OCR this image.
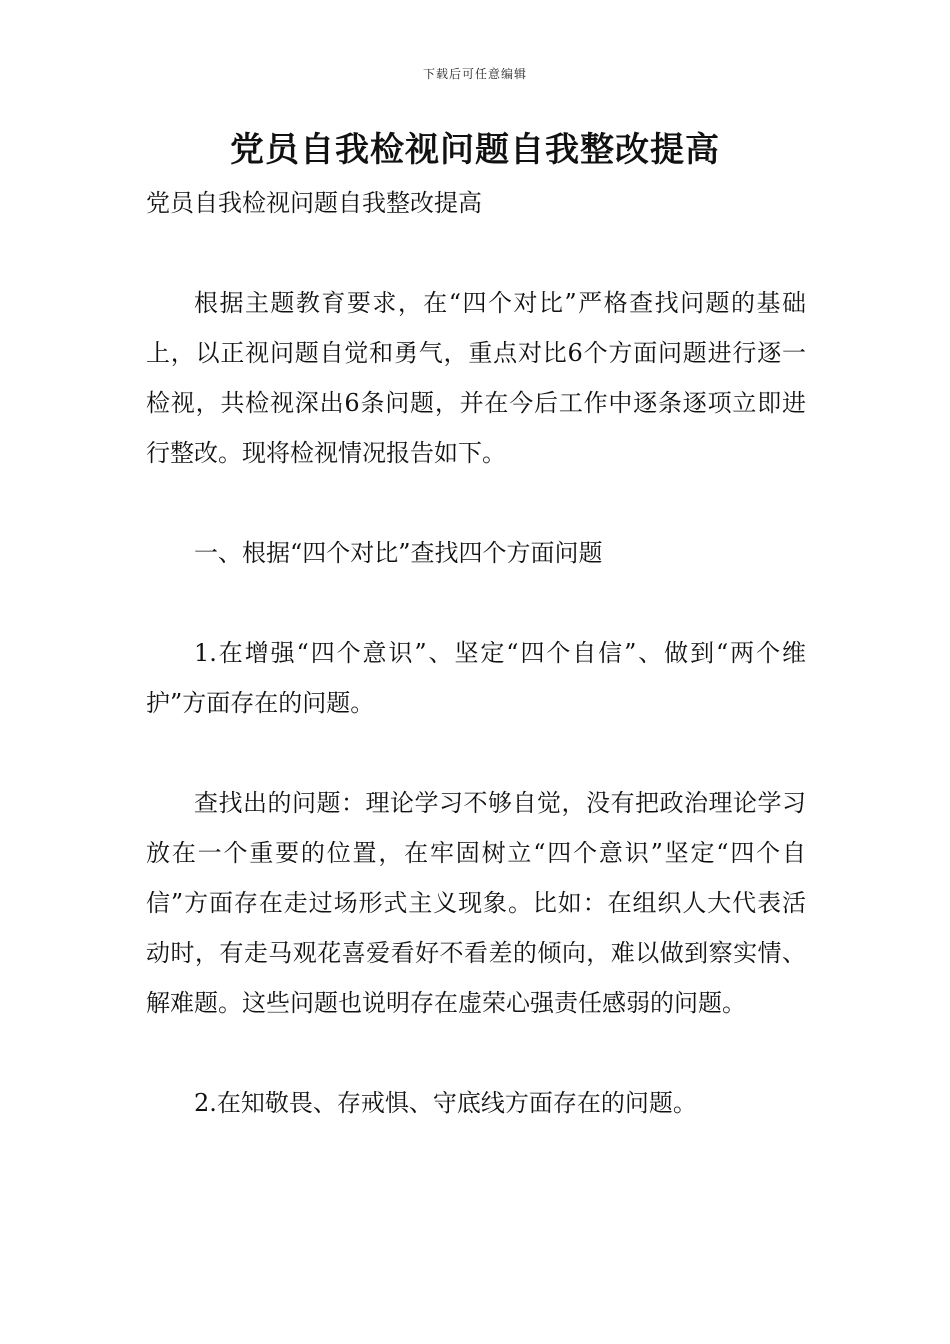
下载后可任意编辑
党员自我检视问题自我整改提高

党员自我检视问题自我整改提高

根据主题教育要求，在“四个对比”严格查找问题的基础上，以正视问题自觉和勇气，重点对比6个方面问题进行逐一检视，共检视深出6条问题，并在今后工作中逐条逐项立即进行整改。现将检视情况报告如下。

一、根据“四个对比”查找四个方面问题

1.在增强“四个意识”、坚定“四个自信”、做到“两个维护”方面存在的问题。

查找出的问题：理论学习不够自觉，没有把政治理论学习放在一个重要的位置，在牢固树立“四个意识”坚定“四个自信”方面存在走过场形式主义现象。比如：在组织人大代表活动时，有走马观花喜爱看好不看差的倾向，难以做到察实情、解难题。这些问题也说明存在虚荣心强责任感弱的问题。

2.在知敬畏、存戒惧、守底线方面存在的问题。
